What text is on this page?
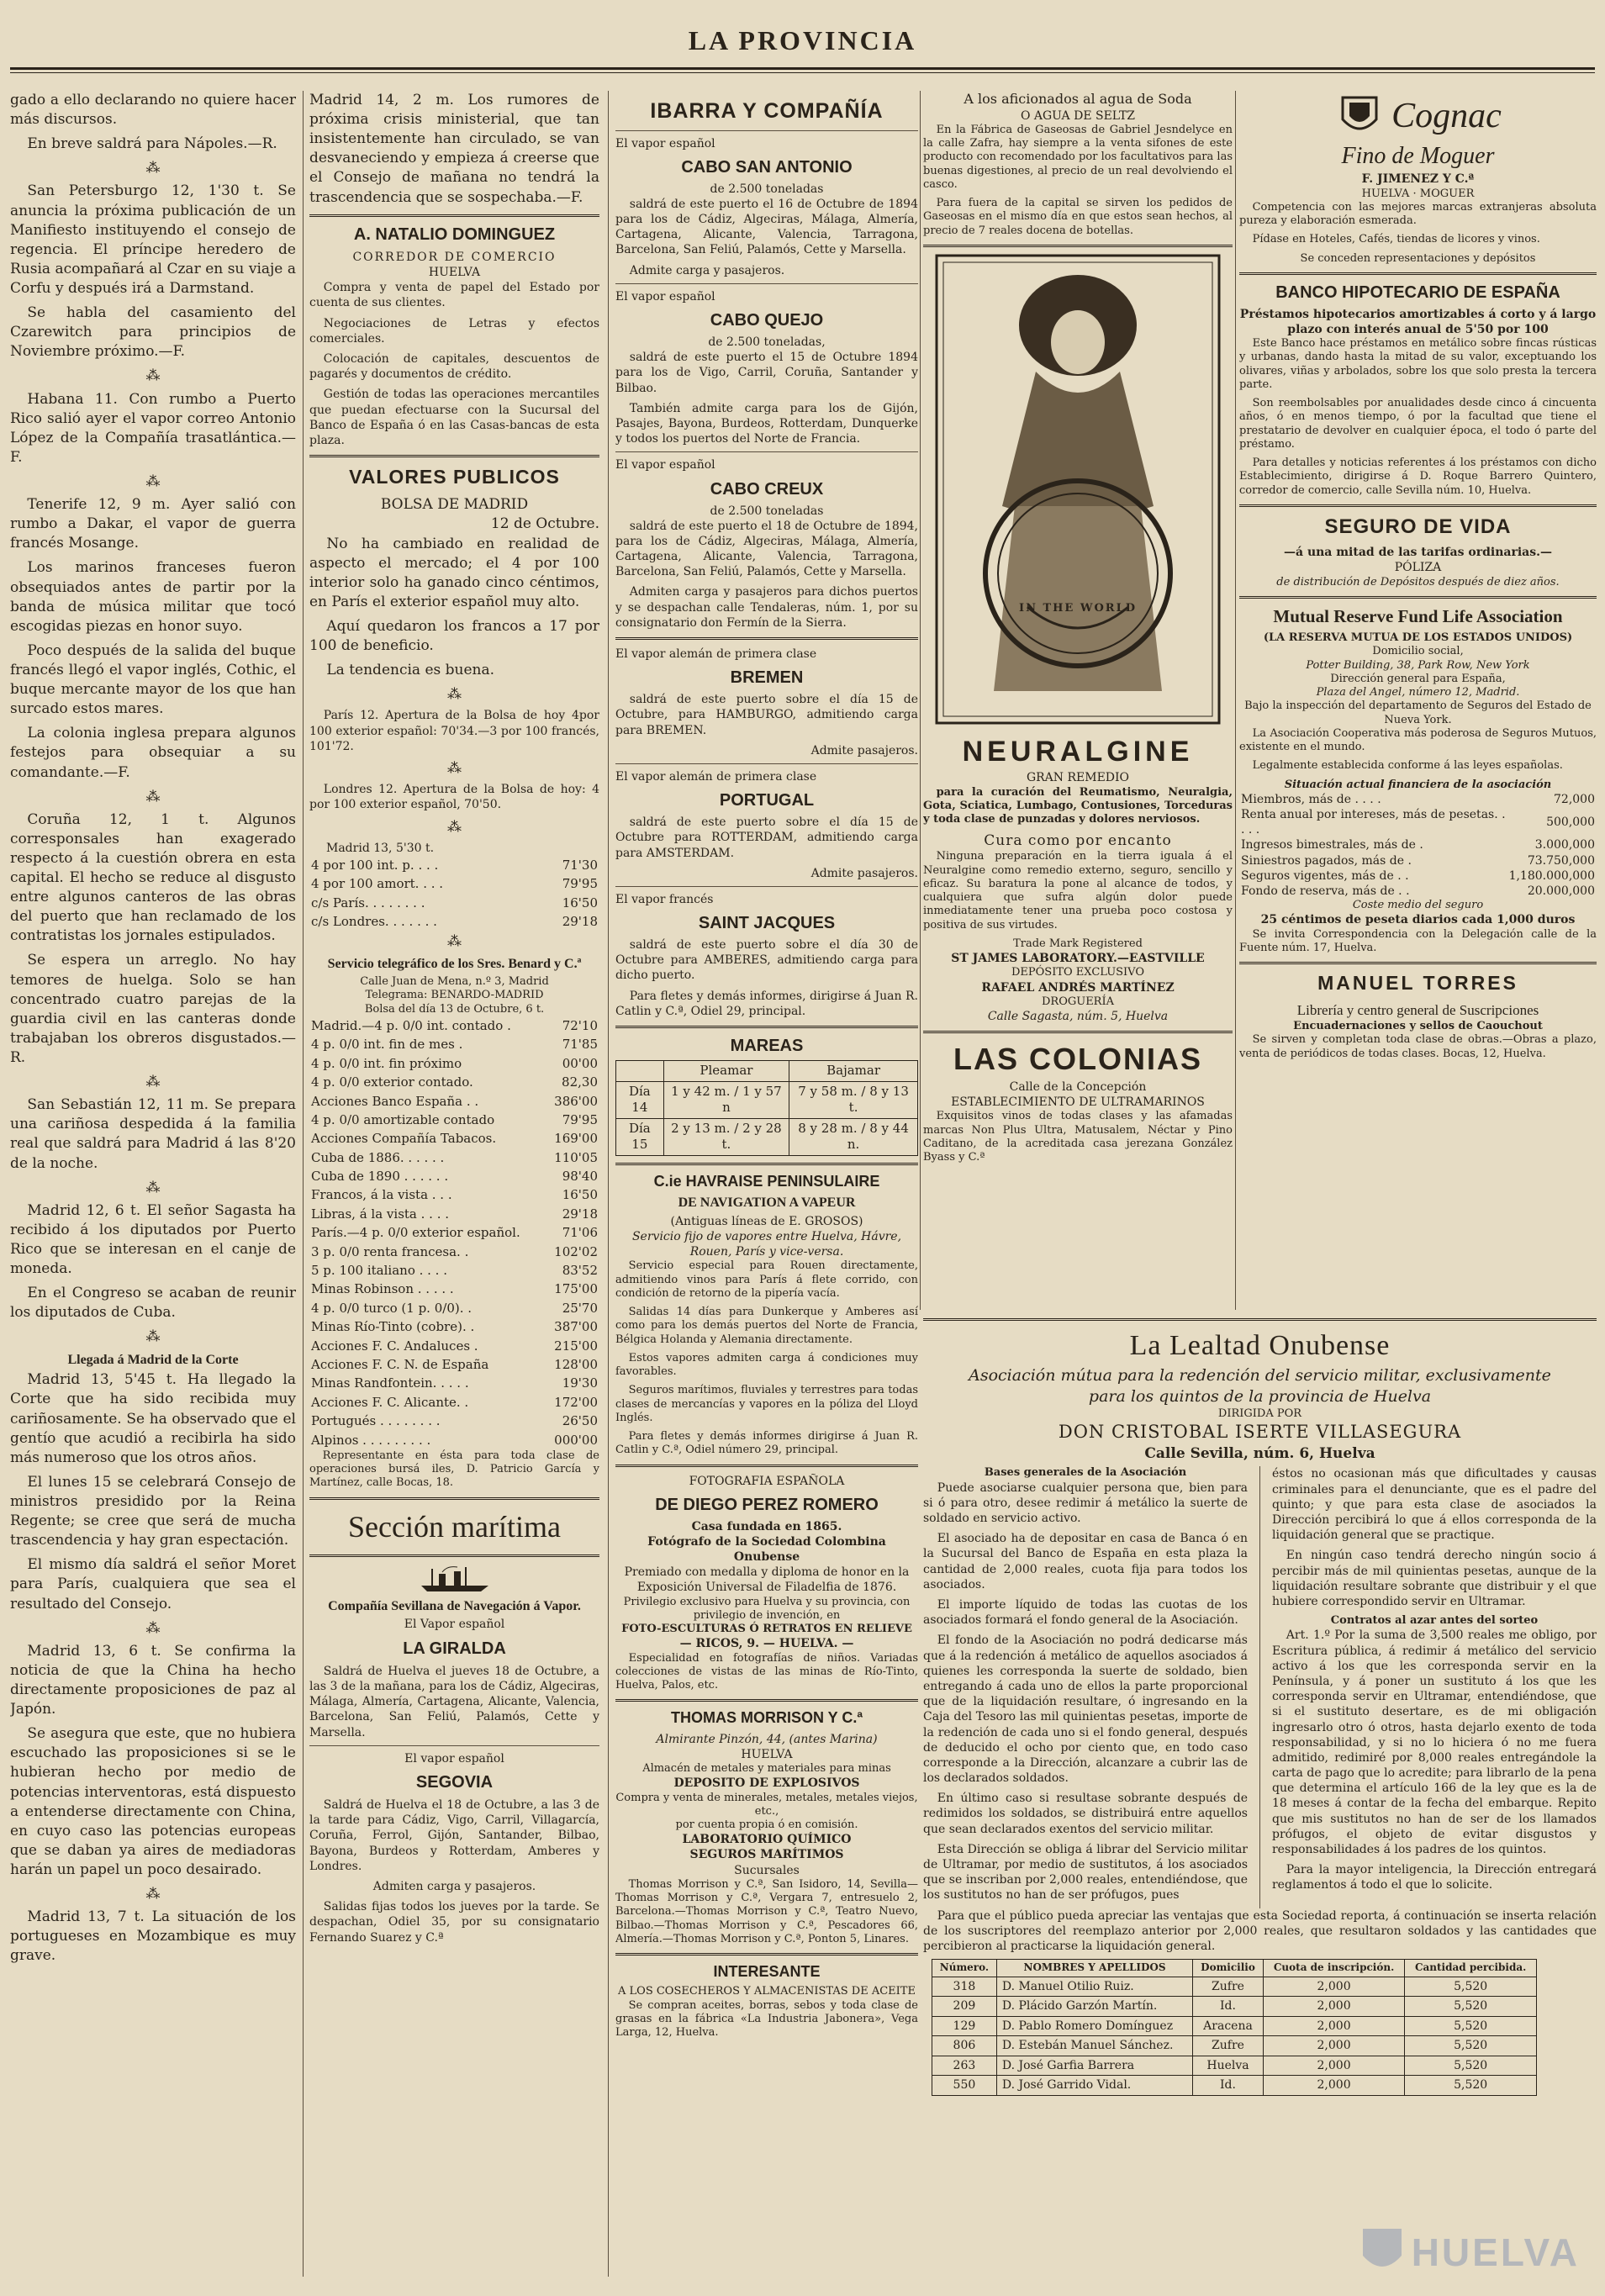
LA PROVINCIA

gado a ello declarando no quiere hacer más discursos.

En breve saldrá para Nápoles.—R.

⁂

San Petersburgo 12, 1'30 t. Se anuncia la próxima publicación de un Manifiesto instituyendo el consejo de regencia. El príncipe heredero de Rusia acompañará al Czar en su viaje a Corfu y después irá a Darmstand.

Se habla del casamiento del Czarewitch para principios de Noviembre próximo.—F.

⁂

Habana 11. Con rumbo a Puerto Rico salió ayer el vapor correo Antonio López de la Compañía trasatlántica.—F.

⁂

Tenerife 12, 9 m. Ayer salió con rumbo a Dakar, el vapor de guerra francés Mosange.

Los marinos franceses fueron obsequiados antes de partir por la banda de música militar que tocó escogidas piezas en honor suyo.

Poco después de la salida del buque francés llegó el vapor inglés, Cothic, el buque mercante mayor de los que han surcado estos mares.

La colonia inglesa prepara algunos festejos para obsequiar a su comandante.—F.

⁂

Coruña 12, 1 t. Algunos corresponsales han exagerado respecto á la cuestión obrera en esta capital. El hecho se reduce al disgusto entre algunos canteros de las obras del puerto que han reclamado de los contratistas los jornales estipulados.

Se espera un arreglo. No hay temores de huelga. Solo se han concentrado cuatro parejas de la guardia civil en las canteras donde trabajaban los obreros disgustados.—R.

⁂

San Sebastián 12, 11 m. Se prepara una cariñosa despedida á la familia real que saldrá para Madrid á las 8'20 de la noche.

⁂

Madrid 12, 6 t. El señor Sagasta ha recibido á los diputados por Puerto Rico que se interesan en el canje de moneda.

En el Congreso se acaban de reunir los diputados de Cuba.

⁂
Llegada á Madrid de la Corte

Madrid 13, 5'45 t. Ha llegado la Corte que ha sido recibida muy cariñosamente. Se ha observado que el gentío que acudió a recibirla ha sido más numeroso que los otros años.

El lunes 15 se celebrará Consejo de ministros presidido por la Reina Regente; se cree que será de mucha trascendencia y hay gran espectación.

El mismo día saldrá el señor Moret para París, cualquiera que sea el resultado del Consejo.

⁂

Madrid 13, 6 t. Se confirma la noticia de que la China ha hecho directamente proposiciones de paz al Japón.

Se asegura que este, que no hubiera escuchado las proposiciones si se le hubieran hecho por medio de potencias interventoras, está dispuesto a entenderse directamente con China, en cuyo caso las potencias europeas que se daban ya aires de mediadoras harán un papel un poco desairado.

⁂

Madrid 13, 7 t. La situación de los portugueses en Mozambique es muy grave.

Madrid 14, 2 m. Los rumores de próxima crisis ministerial, que tan insistentemente han circulado, se van desvaneciendo y empieza á creerse que el Consejo de mañana no tendrá la trascendencia que se sospechaba.—F.

A. NATALIO DOMINGUEZ
CORREDOR DE COMERCIO
HUELVA

Compra y venta de papel del Estado por cuenta de sus clientes.

Negociaciones de Letras y efectos comerciales.

Colocación de capitales, descuentos de pagarés y documentos de crédito.

Gestión de todas las operaciones mercantiles que puedan efectuarse con la Sucursal del Banco de España ó en las Casas-bancas de esta plaza.

VALORES PUBLICOS
BOLSA DE MADRID
12 de Octubre.

No ha cambiado en realidad de aspecto el mercado; el 4 por 100 interior solo ha ganado cinco céntimos, en París el exterior español muy alto.

Aquí quedaron los francos a 17 por 100 de beneficio.

La tendencia es buena.

⁂

París 12. Apertura de la Bolsa de hoy 4por 100 exterior español: 70'34.—3 por 100 francés, 101'72.

⁂

Londres 12. Apertura de la Bolsa de hoy: 4 por 100 exterior español, 70'50.

⁂
Madrid 13, 5'30 t.
4 por 100 int. p. . . .	71'30
4 por 100 amort. . . .	79'95
c/s París. . . . . . . .	16'50
c/s Londres. . . . . . .	29'18
⁂
Servicio telegráfico de los Sres. Benard y C.ª
Calle Juan de Mena, n.º 3, Madrid
Telegrama: BENARDO-MADRID
Bolsa del día 13 de Octubre, 6 t.
Madrid.—4 p. 0/0 int. contado .	72'10
4 p. 0/0 int. fin de mes .	71'85
4 p. 0/0 int. fin próximo	00'00
4 p. 0/0 exterior contado.	82,30
Acciones Banco España . .	386'00
4 p. 0/0 amortizable contado	79'95
Acciones Compañía Tabacos.	169'00
Cuba de 1886. . . . . .	110'05
Cuba de 1890 . . . . . .	98'40
Francos, á la vista . . .	16'50
Libras, á la vista . . . .	29'18
París.—4 p. 0/0 exterior español.	71'06
3 p. 0/0 renta francesa. .	102'02
5 p. 100 italiano . . . .	83'52
Minas Robinson . . . . .	175'00
4 p. 0/0 turco (1 p. 0/0). .	25'70
Minas Río-Tinto (cobre). .	387'00
Acciones F. C. Andaluces .	215'00
Acciones F. C. N. de España	128'00
Minas Randfontein. . . . .	19'30
Acciones F. C. Alicante. .	172'00
Portugués . . . . . . . .	26'50
Alpinos . . . . . . . . .	000'00

Representante en ésta para toda clase de operaciones bursá iles, D. Patricio García y Martínez, calle Bocas, 18.

Sección marítima
Compañía Sevillana de Navegación á Vapor.
El Vapor español
LA GIRALDA

Saldrá de Huelva el jueves 18 de Octubre, a las 3 de la mañana, para los de Cádiz, Algeciras, Málaga, Almería, Cartagena, Alicante, Valencia, Barcelona, San Feliú, Palamós, Cette y Marsella.

El vapor español
SEGOVIA

Saldrá de Huelva el 18 de Octubre, a las 3 de la tarde para Cádiz, Vigo, Carril, Villagarcía, Coruña, Ferrol, Gijón, Santander, Bilbao, Bayona, Burdeos y Rotterdam, Amberes y Londres.

Admiten carga y pasajeros.

Salidas fijas todos los jueves por la tarde. Se despachan, Odiel 35, por su consignatario Fernando Suarez y C.ª

IBARRA Y COMPAÑÍA
El vapor español
CABO SAN ANTONIO
de 2.500 toneladas

saldrá de este puerto el 16 de Octubre de 1894 para los de Cádiz, Algeciras, Málaga, Almería, Cartagena, Alicante, Valencia, Tarragona, Barcelona, San Feliú, Palamós, Cette y Marsella.

Admite carga y pasajeros.

El vapor español
CABO QUEJO
de 2.500 toneladas,

saldrá de este puerto el 15 de Octubre 1894 para los de Vigo, Carril, Coruña, Santander y Bilbao.

También admite carga para los de Gijón, Pasajes, Bayona, Burdeos, Rotterdam, Dunquerke y todos los puertos del Norte de Francia.

El vapor español
CABO CREUX
de 2.500 toneladas

saldrá de este puerto el 18 de Octubre de 1894, para los de Cádiz, Algeciras, Málaga, Almería, Cartagena, Alicante, Valencia, Tarragona, Barcelona, San Feliú, Palamós, Cette y Marsella.

Admiten carga y pasajeros para dichos puertos y se despachan calle Tendaleras, núm. 1, por su consignatario don Fermín de la Sierra.

El vapor alemán de primera clase
BREMEN

saldrá de este puerto sobre el día 15 de Octubre, para HAMBURGO, admitiendo carga para BREMEN.

Admite pasajeros.
El vapor alemán de primera clase
PORTUGAL

saldrá de este puerto sobre el día 15 de Octubre para ROTTERDAM, admitiendo carga para AMSTERDAM.

Admite pasajeros.
El vapor francés
SAINT JACQUES

saldrá de este puerto sobre el día 30 de Octubre para AMBERES, admitiendo carga para dicho puerto.

Para fletes y demás informes, dirigirse á Juan R. Catlin y C.ª, Odiel 29, principal.

MAREAS
	Pleamar	Bajamar
Día 14	1 y 42 m. / 1 y 57 n	7 y 58 m. / 8 y 13 t.
Día 15	2 y 13 m. / 2 y 28 t.	8 y 28 m. / 8 y 44 n.
C.ie HAVRAISE PENINSULAIRE
DE NAVIGATION A VAPEUR
(Antiguas líneas de E. GROSOS)
Servicio fijo de vapores entre Huelva, Hávre, Rouen, París y vice-versa.

Servicio especial para Rouen directamente, admitiendo vinos para París á flete corrido, con condición de retorno de la pipería vacía.

Salidas 14 días para Dunkerque y Amberes así como para los demás puertos del Norte de Francia, Bélgica Holanda y Alemania directamente.

Estos vapores admiten carga á condiciones muy favorables.

Seguros marítimos, fluviales y terrestres para todas clases de mercancías y vapores en la póliza del Lloyd Inglés.

Para fletes y demás informes dirigirse á Juan R. Catlin y C.ª, Odiel número 29, principal.

FOTOGRAFIA ESPAÑOLA
DE DIEGO PEREZ ROMERO
Casa fundada en 1865.
Fotógrafo de la Sociedad Colombina Onubense
Premiado con medalla y diploma de honor en la Exposición Universal de Filadelfia de 1876.
Privilegio exclusivo para Huelva y su provincia, con privilegio de invención, en
FOTO-ESCULTURAS Ó RETRATOS EN RELIEVE
— RICOS, 9. — HUELVA. —

Especialidad en fotografías de niños. Variadas colecciones de vistas de las minas de Río-Tinto, Huelva, Palos, etc.

THOMAS MORRISON Y C.ª
Almirante Pinzón, 44, (antes Marina)
HUELVA
Almacén de metales y materiales para minas
DEPOSITO DE EXPLOSIVOS
Compra y venta de minerales, metales, metales viejos, etc.,
por cuenta propia ó en comisión.
LABORATORIO QUÍMICO
SEGUROS MARÍTIMOS
Sucursales

Thomas Morrison y C.ª, San Isidoro, 14, Sevilla—Thomas Morrison y C.ª, Vergara 7, entresuelo 2, Barcelona.—Thomas Morrison y C.ª, Teatro Nuevo, Bilbao.—Thomas Morrison y C.ª, Pescadores 66, Almería.—Thomas Morrison y C.ª, Ponton 5, Linares.

INTERESANTE
A LOS COSECHEROS Y ALMACENISTAS DE ACEITE

Se compran aceites, borras, sebos y toda clase de grasas en la fábrica «La Industria Jabonera», Vega Larga, 12, Huelva.

A los aficionados al agua de Soda
O AGUA DE SELTZ

En la Fábrica de Gaseosas de Gabriel Jesndelyce en la calle Zafra, hay siempre a la venta sifones de este producto con recomendado por los facultativos para las buenas digestiones, al precio de un real devolviendo el casco.

Para fuera de la capital se sirven los pedidos de Gaseosas en el mismo día en que estos sean hechos, al precio de 7 reales docena de botellas.

IN THE WORLD
NEURALGINE
GRAN REMEDIO

para la curación del Reumatismo, Neuralgia, Gota, Sciatica, Lumbago, Contusiones, Torceduras y toda clase de punzadas y dolores nerviosos.

Cura como por encanto

Ninguna preparación en la tierra iguala á el Neuralgine como remedio externo, seguro, sencillo y eficaz. Su baratura la pone al alcance de todos, y cualquiera que sufra algún dolor puede inmediatamente tener una prueba poco costosa y positiva de sus virtudes.

Trade Mark Registered
ST JAMES LABORATORY.—EASTVILLE
DEPÓSITO EXCLUSIVO
RAFAEL ANDRÉS MARTÍNEZ
DROGUERÍA
Calle Sagasta, núm. 5, Huelva
LAS COLONIAS
Calle de la Concepción
ESTABLECIMIENTO DE ULTRAMARINOS

Exquisitos vinos de todas clases y las afamadas marcas Non Plus Ultra, Matusalem, Néctar y Pino Caditano, de la acreditada casa jerezana González Byass y C.ª

Cognac
Fino de Moguer
F. JIMENEZ Y C.ª
HUELVA · MOGUER

Competencia con las mejores marcas extranjeras absoluta pureza y elaboración esmerada.

Pídase en Hoteles, Cafés, tiendas de licores y vinos.

Se conceden representaciones y depósitos
BANCO HIPOTECARIO DE ESPAÑA
Préstamos hipotecarios amortizables á corto y á largo plazo con interés anual de 5'50 por 100

Este Banco hace préstamos en metálico sobre fincas rústicas y urbanas, dando hasta la mitad de su valor, exceptuando los olivares, viñas y arbolados, sobre los que solo presta la tercera parte.

Son reembolsables por anualidades desde cinco á cincuenta años, ó en menos tiempo, ó por la facultad que tiene el prestatario de devolver en cualquier época, el todo ó parte del préstamo.

Para detalles y noticias referentes á los préstamos con dicho Establecimiento, dirigirse á D. Roque Barrero Quintero, corredor de comercio, calle Sevilla núm. 10, Huelva.

SEGURO DE VIDA
—á una mitad de las tarifas ordinarias.—
PÓLIZA
de distribución de Depósitos después de diez años.
Mutual Reserve Fund Life Association
(LA RESERVA MUTUA DE LOS ESTADOS UNIDOS)
Domicilio social,
Potter Building, 38, Park Row, New York
Dirección general para España,
Plaza del Angel, número 12, Madrid.
Bajo la inspección del departamento de Seguros del Estado de Nueva York.

La Asociación Cooperativa más poderosa de Seguros Mutuos, existente en el mundo.

Legalmente establecida conforme á las leyes españolas.

Situación actual financiera de la asociación
Miembros, más de . . . .	72,000
Renta anual por intereses, más de pesetas. . . . .	500,000
Ingresos bimestrales, más de .	3.000,000
Siniestros pagados, más de .	73.750,000
Seguros vigentes, más de . .	1,180.000,000
Fondo de reserva, más de . .	20.000,000
Coste medio del seguro
25 céntimos de peseta diarios cada 1,000 duros

Se invita Correspondencia con la Delegación calle de la Fuente núm. 17, Huelva.

MANUEL TORRES
Librería y centro general de Suscripciones
Encuadernaciones y sellos de Caouchout

Se sirven y completan toda clase de obras.—Obras a plazo, venta de periódicos de todas clases. Bocas, 12, Huelva.

La Lealtad Onubense
Asociación mútua para la redención del servicio militar, exclusivamente para los quintos de la provincia de Huelva
DIRIGIDA POR
DON CRISTOBAL ISERTE VILLASEGURA
Calle Sevilla, núm. 6, Huelva
Bases generales de la Asociación

Puede asociarse cualquier persona que, bien para si ó para otro, desee redimir á metálico la suerte de soldado en servicio activo.

El asociado ha de depositar en casa de Banca ó en la Sucursal del Banco de España en esta plaza la cantidad de 2,000 reales, cuota fija para todos los asociados.

El importe líquido de todas las cuotas de los asociados formará el fondo general de la Asociación.

El fondo de la Asociación no podrá dedicarse más que á la redención á metálico de aquellos asociados á quienes les corresponda la suerte de soldado, bien entregando á cada uno de ellos la parte proporcional que de la liquidación resultare, ó ingresando en la Caja del Tesoro las mil quinientas pesetas, importe de la redención de cada uno si el fondo general, después de deducido el ocho por ciento que, en todo caso corresponde a la Dirección, alcanzare a cubrir las de los declarados soldados.

En último caso si resultase sobrante después de redimidos los soldados, se distribuirá entre aquellos que sean declarados exentos del servicio militar.

Esta Dirección se obliga á librar del Servicio militar de Ultramar, por medio de sustitutos, á los asociados que se inscriban por 2,000 reales, entendiéndose, que los sustitutos no han de ser prófugos, pues

éstos no ocasionan más que dificultades y causas criminales para el denunciante, que es el padre del quinto; y que para esta clase de asociados la Dirección percibirá lo que á ellos corresponda de la liquidación general que se practique.

En ningún caso tendrá derecho ningún socio á percibir más de mil quinientas pesetas, aunque de la liquidación resultare sobrante que distribuir y el que hubiere correspondido servir en Ultramar.

Contratos al azar antes del sorteo

Art. 1.º Por la suma de 3,500 reales me obligo, por Escritura pública, á redimir á metálico del servicio activo á los que les corresponda servir en la Península, y á poner un sustituto á los que les corresponda servir en Ultramar, entendiéndose, que si el sustituto desertare, es de mi obligación ingresarlo otro ó otros, hasta dejarlo exento de toda responsabilidad, y si no lo hiciera ó no me fuera admitido, redimiré por 8,000 reales entregándole la carta de pago que lo acredite; para librarlo de la pena que determina el artículo 166 de la ley que es la de 18 meses á contar de la fecha del embarque. Repito que mis sustitutos no han de ser de los llamados prófugos, el objeto de evitar disgustos y responsabilidades á los padres de los quintos.

Para la mayor inteligencia, la Dirección entregará reglamentos á todo el que lo solicite.

Para que el público pueda apreciar las ventajas que esta Sociedad reporta, á continuación se inserta relación de los suscriptores del reemplazo anterior por 2,000 reales, que resultaron soldados y las cantidades que percibieron al practicarse la liquidación general.

Número.	NOMBRES Y APELLIDOS	Domicilio	Cuota de inscripción.	Cantidad percibida.
318	D. Manuel Otilio Ruiz.	Zufre	2,000	5,520
209	D. Plácido Garzón Martín.	Id.	2,000	5,520
129	D. Pablo Romero Domínguez	Aracena	2,000	5,520
806	D. Estebán Manuel Sánchez.	Zufre	2,000	5,520
263	D. José Garfia Barrera	Huelva	2,000	5,520
550	D. José Garrido Vidal.	Id.	2,000	5,520
HUELVA
